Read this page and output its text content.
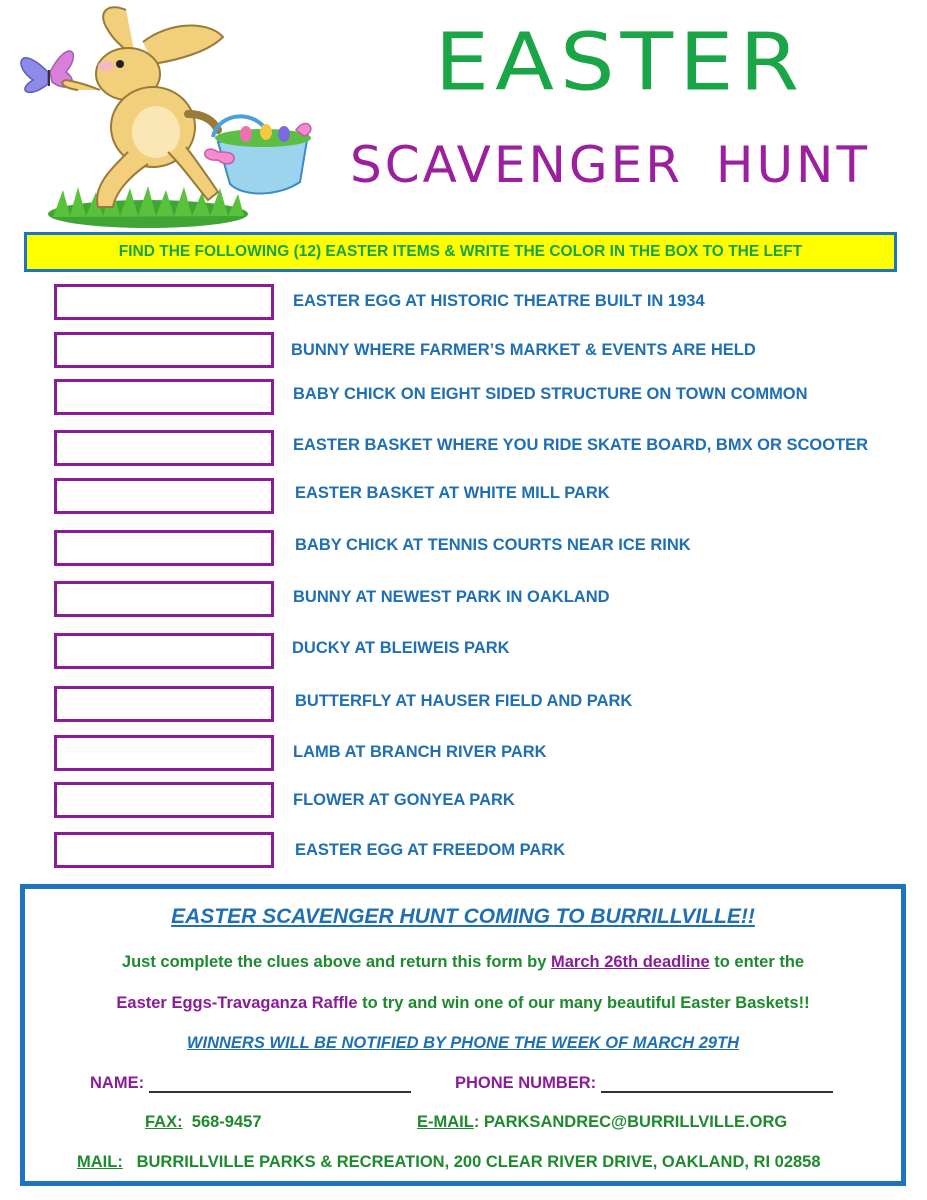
EASTER
SCAVENGER HUNT
FIND THE FOLLOWING (12) EASTER ITEMS & WRITE THE COLOR IN THE BOX TO THE LEFT
EASTER EGG AT HISTORIC THEATRE BUILT IN 1934
BUNNY WHERE FARMER’S MARKET & EVENTS ARE HELD
BABY CHICK ON EIGHT SIDED STRUCTURE ON TOWN COMMON
EASTER BASKET WHERE YOU RIDE SKATE BOARD, BMX OR SCOOTER
EASTER BASKET AT WHITE MILL PARK
BABY CHICK AT TENNIS COURTS NEAR ICE RINK
BUNNY AT NEWEST PARK IN OAKLAND
DUCKY AT BLEIWEIS PARK
BUTTERFLY AT HAUSER FIELD AND PARK
LAMB AT BRANCH RIVER PARK
FLOWER AT GONYEA PARK
EASTER EGG AT FREEDOM PARK
EASTER SCAVENGER HUNT COMING TO BURRILLVILLE!!
Just complete the clues above and return this form by March 26th deadline to enter the
Easter Eggs-Travaganza Raffle to try and win one of our many beautiful Easter Baskets!!
WINNERS WILL BE NOTIFIED BY PHONE THE WEEK OF MARCH 29TH
NAME:	PHONE NUMBER:
FAX: 568-9457	E-MAIL: PARKSANDREC@BURRILLVILLE.ORG
MAIL: BURRILLVILLE PARKS & RECREATION, 200 CLEAR RIVER DRIVE, OAKLAND, RI 02858
